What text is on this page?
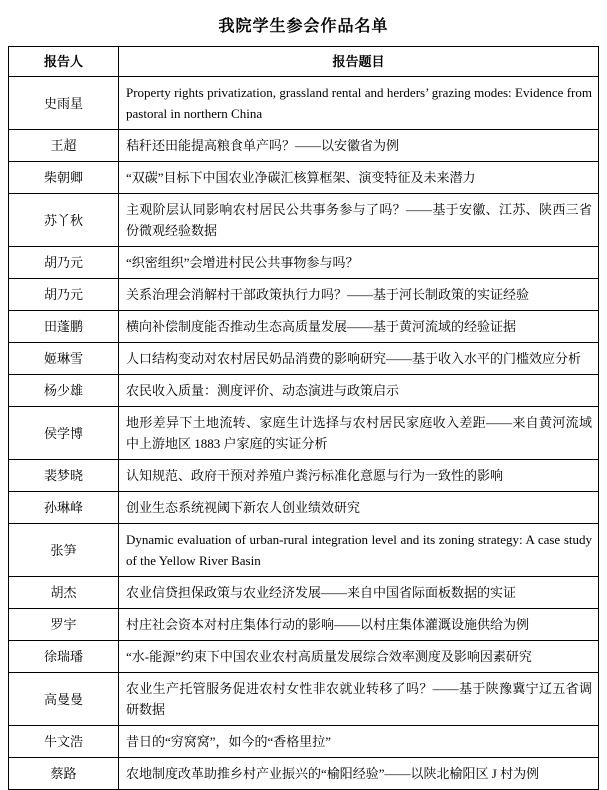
我院学生参会作品名单
报告人	报告题目
史雨星	Property rights privatization, grassland rental and herders’ grazing modes: Evidence from pastoral in northern China
王超	秸秆还田能提高粮食单产吗？——以安徽省为例
柴朝卿	“双碳”目标下中国农业净碳汇核算框架、演变特征及未来潜力
苏丫秋	主观阶层认同影响农村居民公共事务参与了吗？——基于安徽、江苏、陕西三省份微观经验数据
胡乃元	“织密组织”会增进村民公共事物参与吗？
胡乃元	关系治理会消解村干部政策执行力吗？——基于河长制政策的实证经验
田蓬鹏	横向补偿制度能否推动生态高质量发展——基于黄河流域的经验证据
姬琳雪	人口结构变动对农村居民奶品消费的影响研究——基于收入水平的门槛效应分析
杨少雄	农民收入质量：测度评价、动态演进与政策启示
侯学博	地形差异下土地流转、家庭生计选择与农村居民家庭收入差距——来自黄河流域中上游地区 1883 户家庭的实证分析
裴梦晓	认知规范、政府干预对养殖户粪污标准化意愿与行为一致性的影响
孙琳峰	创业生态系统视阈下新农人创业绩效研究
张笋	Dynamic evaluation of urban-rural integration level and its zoning strategy: A case study of the Yellow River Basin
胡杰	农业信贷担保政策与农业经济发展——来自中国省际面板数据的实证
罗宇	村庄社会资本对村庄集体行动的影响——以村庄集体灌溉设施供给为例
徐瑞璠	“水-能源”约束下中国农业农村高质量发展综合效率测度及影响因素研究
高曼曼	农业生产托管服务促进农村女性非农就业转移了吗？——基于陕豫冀宁辽五省调研数据
牛文浩	昔日的“穷窝窝”，如今的“香格里拉”
蔡路	农地制度改革助推乡村产业振兴的“榆阳经验”——以陕北榆阳区 J 村为例
